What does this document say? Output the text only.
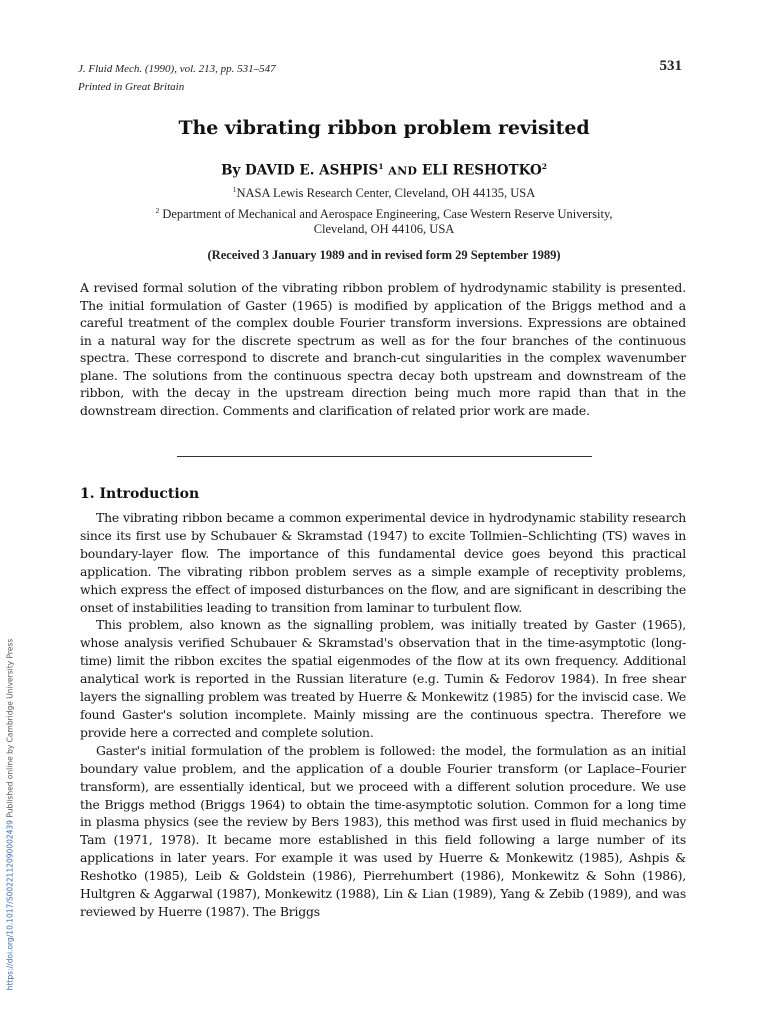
J. Fluid Mech. (1990), vol. 213, pp. 531–547
Printed in Great Britain
531
The vibrating ribbon problem revisited
By DAVID E. ASHPIS$^1$ AND ELI RESHOTKO$^2$
$^1$NASA Lewis Research Center, Cleveland, OH 44135, USA
$^2$ Department of Mechanical and Aerospace Engineering, Case Western Reserve University,
Cleveland, OH 44106, USA
(Received 3 January 1989 and in revised form 29 September 1989)
A revised formal solution of the vibrating ribbon problem of hydrodynamic stability is presented. The initial formulation of Gaster (1965) is modified by application of the Briggs method and a careful treatment of the complex double Fourier transform inversions. Expressions are obtained in a natural way for the discrete spectrum as well as for the four branches of the continuous spectra. These correspond to discrete and branch-cut singularities in the complex wavenumber plane. The solutions from the continuous spectra decay both upstream and downstream of the ribbon, with the decay in the upstream direction being much more rapid than that in the downstream direction. Comments and clarification of related prior work are made.
1. Introduction

The vibrating ribbon became a common experimental device in hydrodynamic stability research since its first use by Schubauer & Skramstad (1947) to excite Tollmien–Schlichting (TS) waves in boundary-layer flow. The importance of this fundamental device goes beyond this practical application. The vibrating ribbon problem serves as a simple example of receptivity problems, which express the effect of imposed disturbances on the flow, and are significant in describing the onset of instabilities leading to transition from laminar to turbulent flow.

This problem, also known as the signalling problem, was initially treated by Gaster (1965), whose analysis verified Schubauer & Skramstad's observation that in the time-asymptotic (long-time) limit the ribbon excites the spatial eigenmodes of the flow at its own frequency. Additional analytical work is reported in the Russian literature (e.g. Tumin & Fedorov 1984). In free shear layers the signalling problem was treated by Huerre & Monkewitz (1985) for the inviscid case. We found Gaster's solution incomplete. Mainly missing are the continuous spectra. Therefore we provide here a corrected and complete solution.

Gaster's initial formulation of the problem is followed: the model, the formulation as an initial boundary value problem, and the application of a double Fourier transform (or Laplace–Fourier transform), are essentially identical, but we proceed with a different solution procedure. We use the Briggs method (Briggs 1964) to obtain the time-asymptotic solution. Common for a long time in plasma physics (see the review by Bers 1983), this method was first used in fluid mechanics by Tam (1971, 1978). It became more established in this field following a large number of its applications in later years. For example it was used by Huerre & Monkewitz (1985), Ashpis & Reshotko (1985), Leib & Goldstein (1986), Pierrehumbert (1986), Monkewitz & Sohn (1986), Hultgren & Aggarwal (1987), Monkewitz (1988), Lin & Lian (1989), Yang & Zebib (1989), and was reviewed by Huerre (1987). The Briggs

https://doi.org/10.1017/S0022112090002439 Published online by Cambridge University Press
